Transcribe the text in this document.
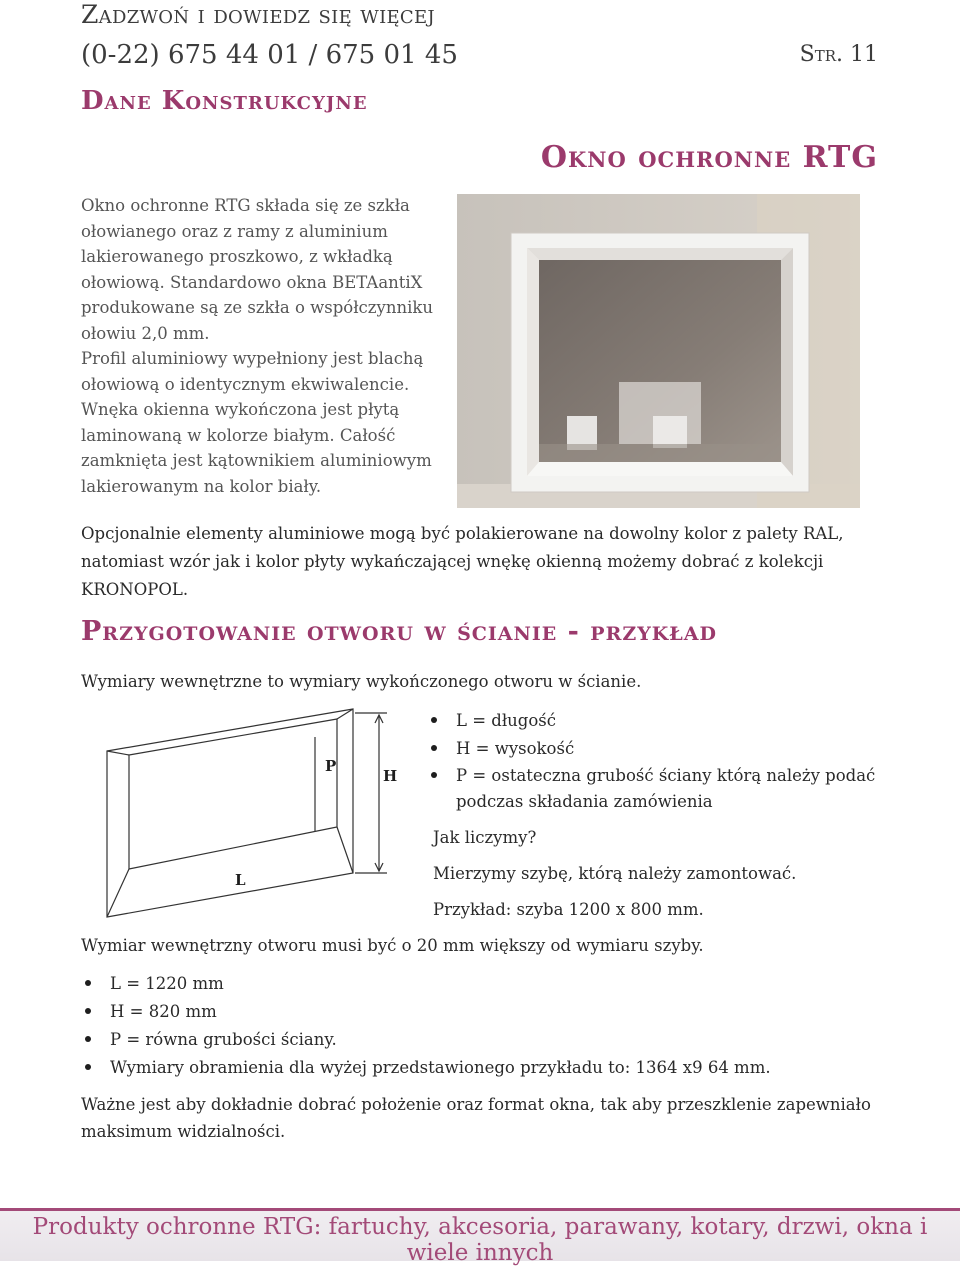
Zadzwoń i dowiedz się więcej
(0-22) 675 44 01 / 675 01 45	Str. 11
Dane Konstrukcyjne
Okno ochronne RTG
Okno ochronne RTG składa się ze szkła
ołowianego oraz z ramy z aluminium
lakierowanego proszkowo, z wkładką
ołowiową. Standardowo okna BETAantiX
produkowane są ze szkła o współczynniku
ołowiu 2,0 mm.
Profil aluminiowy wypełniony jest blachą
ołowiową o identycznym ekwiwalencie.
Wnęka okienna wykończona jest płytą
laminowaną w kolorze białym. Całość
zamknięta jest kątownikiem aluminiowym
lakierowanym na kolor biały.
Opcjonalnie elementy aluminiowe mogą być polakierowane na dowolny kolor z palety RAL,
natomiast wzór jak i kolor płyty wykańczającej wnękę okienną możemy dobrać z kolekcji
KRONOPOL.
Przygotowanie otworu w ścianie - przykład
Wymiary wewnętrzne to wymiary wykończonego otworu w ścianie.
P
H
L
L = długość
H = wysokość
P = ostateczna grubość ściany którą należy podać
podczas składania zamówienia
Jak liczymy?
Mierzymy szybę, którą należy zamontować.
Przykład: szyba 1200 x 800 mm.
Wymiar wewnętrzny otworu musi być o 20 mm większy od wymiaru szyby.
L = 1220 mm
H = 820 mm
P = równa grubości ściany.
Wymiary obramienia dla wyżej przedstawionego przykładu to: 1364 x9 64 mm.
Ważne jest aby dokładnie dobrać położenie oraz format okna, tak aby przeszklenie zapewniało
maksimum widzialności.
Produkty ochronne RTG: fartuchy, akcesoria, parawany, kotary, drzwi, okna i wiele innych
